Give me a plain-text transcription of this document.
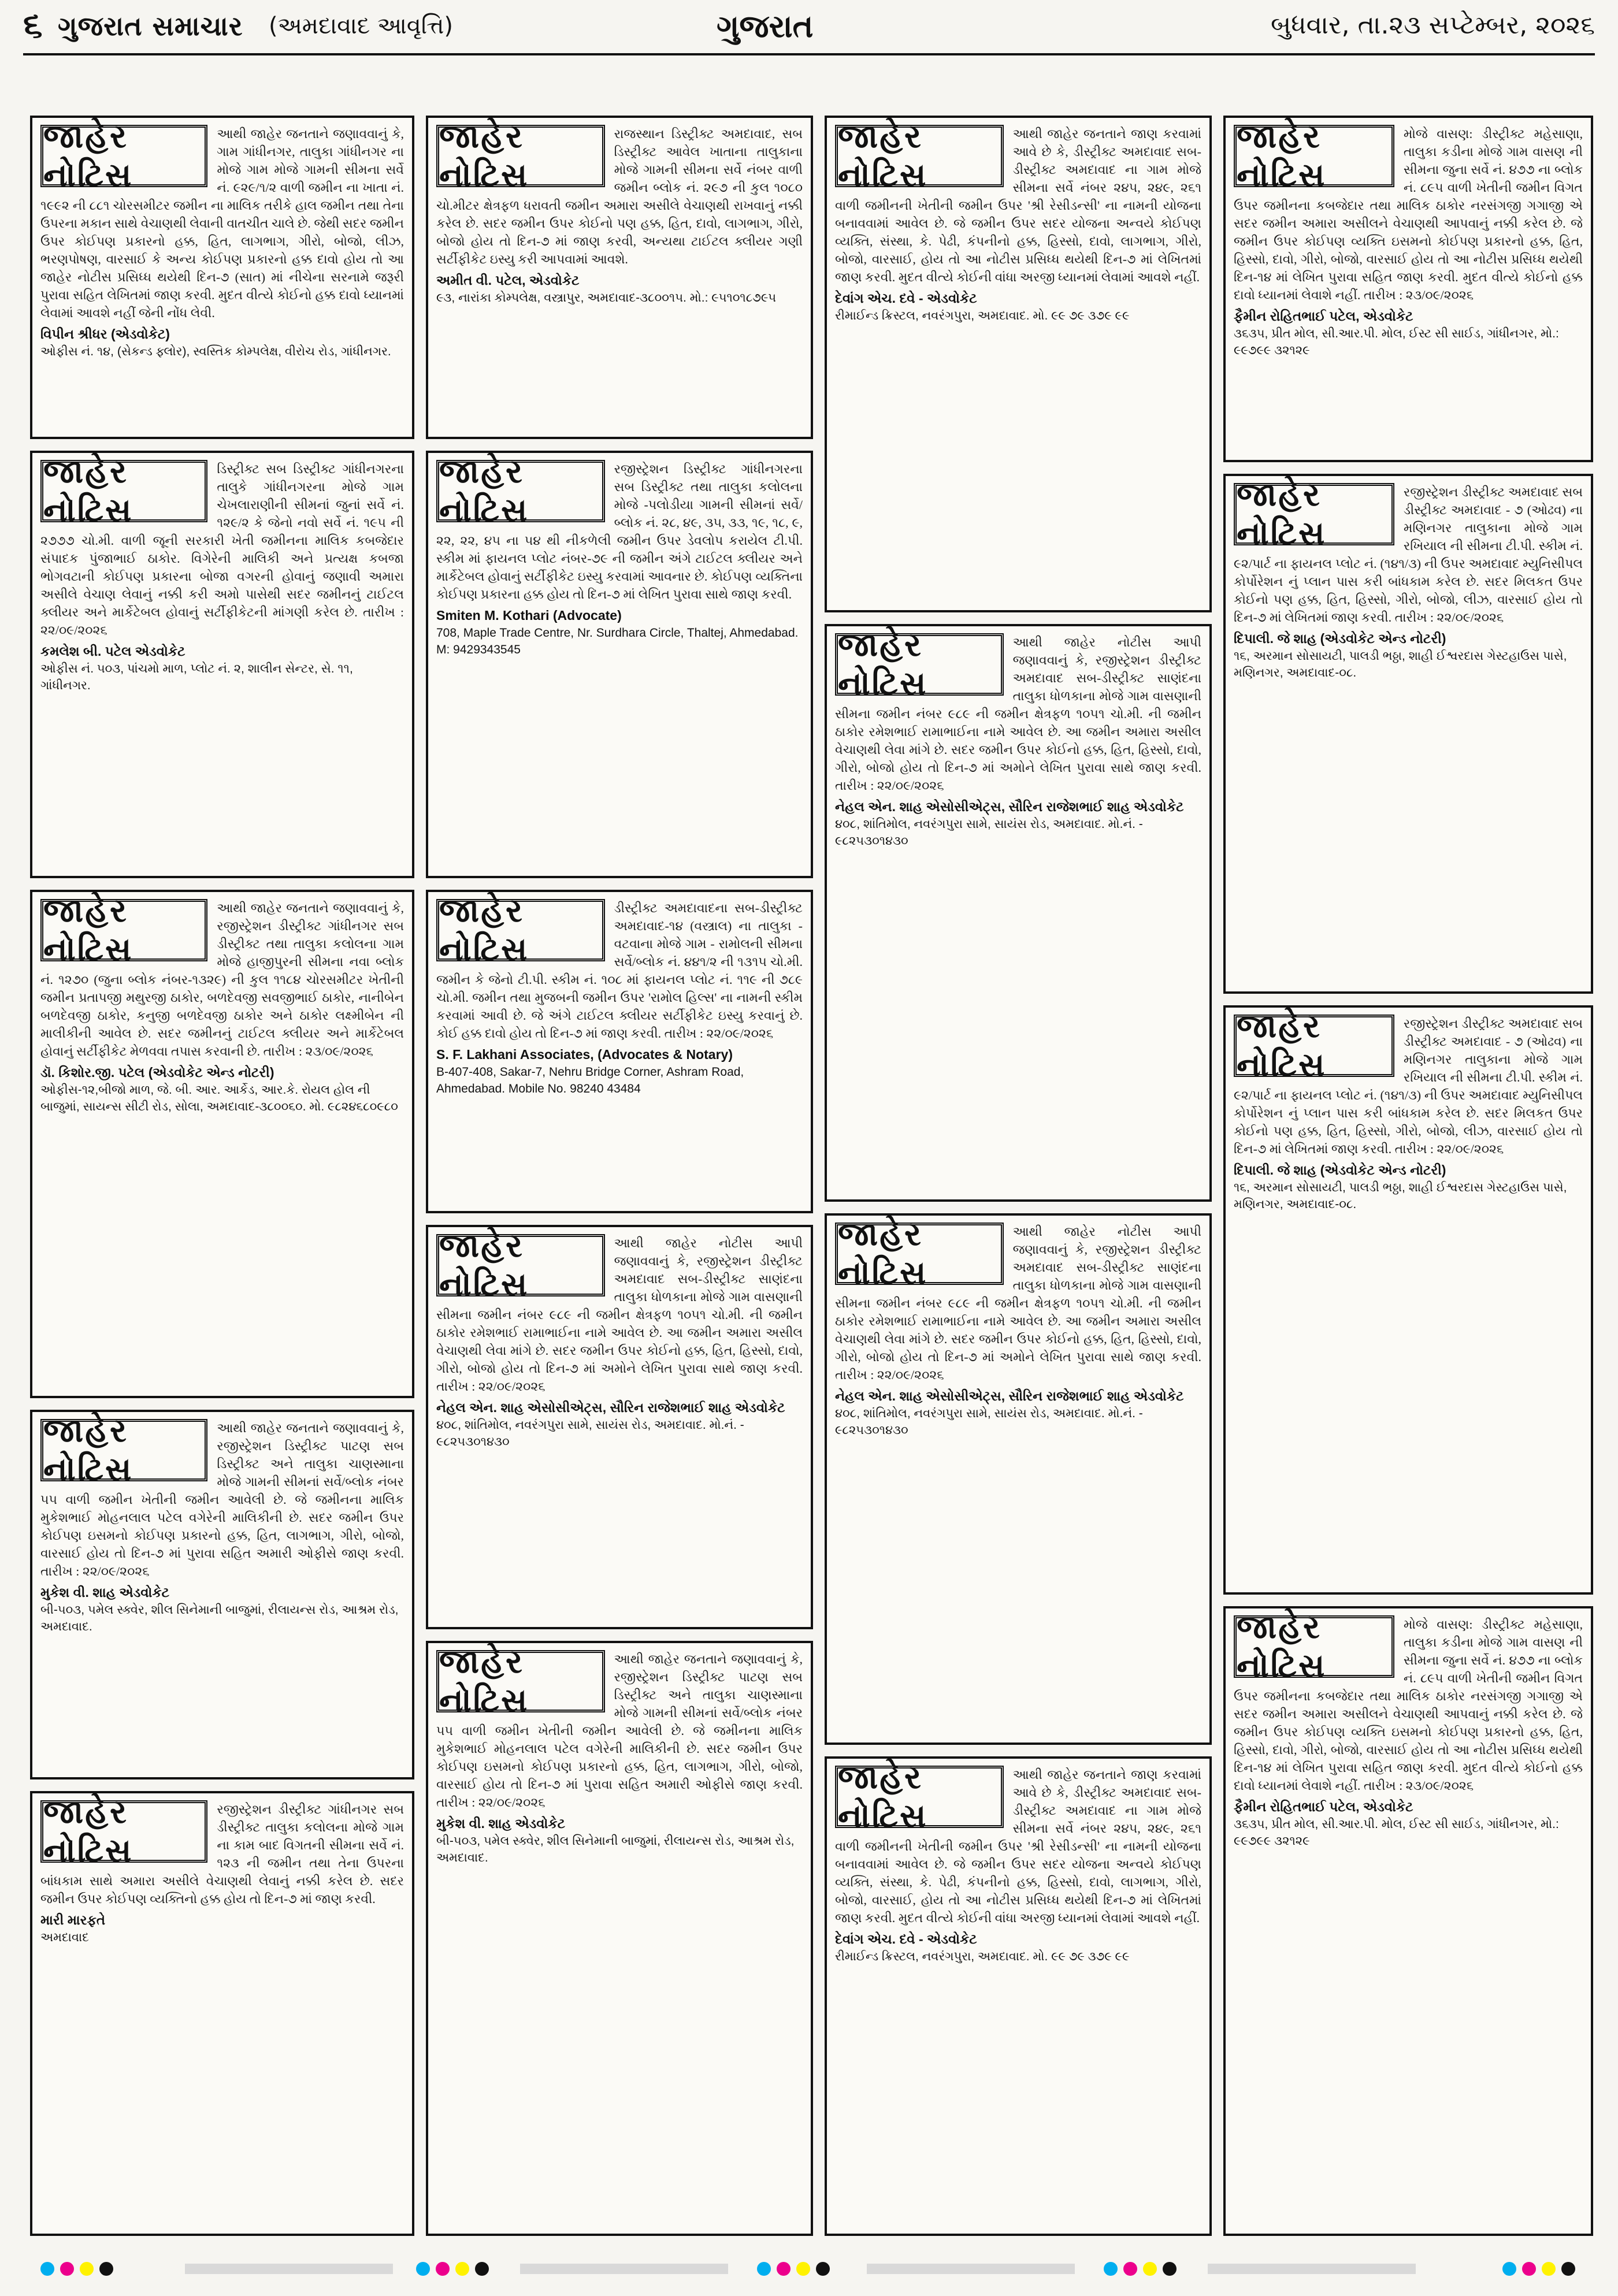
૬ ગુજરાત સમાચાર (અમદાવાદ આવૃત્તિ)	ગુજરાત	બુધવાર, તા.૨૩ સપ્ટેમ્બર, ૨૦૨૬
જાહેર નોટિસ
આથી જાહેર જનતાને જણાવવાનું કે, ગામ ગાંધીનગર, તાલુકા ગાંધીનગર ના મોજે ગામ મોજે ગામની સીમના સર્વે નં. ૯૨૯/૧/૨ વાળી જમીન ના ખાતા નં. ૧૯૯૨ ની ૮૮૧ ચોરસમીટર જમીન ના માલિક તરીકે હાલ જમીન તથા તેના ઉપરના મકાન સાથે વેચાણથી લેવાની વાતચીત ચાલે છે. જેથી સદર જમીન ઉપર કોઈપણ પ્રકારનો હક્ક, હિત, લાગભાગ, ગીરો, બોજો, લીઝ, ભરણપોષણ, વારસાઈ કે અન્ય કોઈપણ પ્રકારનો હક્ક દાવો હોય તો આ જાહેર નોટીસ પ્રસિધ્ધ થયેથી દિન-૭ (સાત) માં નીચેના સરનામે જરૂરી પુરાવા સહિત લેખિતમાં જાણ કરવી. મુદત વીત્યે કોઈનો હક્ક દાવો ધ્યાનમાં લેવામાં આવશે નહીં જેની નોંધ લેવી.
વિપીન શ્રીધર (એડવોકેટ)
ઓફીસ નં. ૧૪, (સેકન્ડ ફ્લોર), સ્વસ્તિક કોમ્પલેક્ષ, વીરોચ રોડ, ગાંધીનગર.
જાહેર નોટિસ
ડિસ્ટ્રીક્ટ સબ ડિસ્ટ્રીક્ટ ગાંધીનગરના તાલુકે ગાંધીનગરના મોજે ગામ ચેખલારાણીની સીમનાં જુનાં સર્વે નં. ૧૨૯/૨ કે જેનો નવો સર્વે નં. ૧૯૫ ની ૨૭૭૭ ચો.મી. વાળી જૂની સરકારી ખેતી જમીનના માલિક કબજેદાર સંપાદક પુંજાભાઈ ઠાકોર. વિગેરેની માલિકી અને પ્રત્યક્ષ કબજા ભોગવટાની કોઈપણ પ્રકારના બોજા વગરની હોવાનું જણાવી અમારા અસીલે વેચાણ લેવાનું નક્કી કરી અમો પાસેથી સદર જમીનનું ટાઈટલ ક્લીયર અને માર્કેટેબલ હોવાનું સર્ટીફીકેટની માંગણી કરેલ છે. તારીખ : ૨૨/૦૯/૨૦૨૬
કમલેશ બી. પટેલ એડવોકેટ
ઓફીસ નં. ૫૦૩, પાંચમો માળ, પ્લોટ નં. ૨, શાલીન સેન્ટર, સે. ૧૧, ગાંધીનગર.
જાહેર નોટિસ
આથી જાહેર જનતાને જણાવવાનું કે, રજીસ્ટ્રેશન ડીસ્ટ્રીક્ટ ગાંધીનગર સબ ડીસ્ટ્રીક્ટ તથા તાલુકા કલોલના ગામ મોજે હાજીપુરની સીમના નવા બ્લોક નં. ૧૨૭૦ (જુના બ્લોક નંબર-૧૩૨૯) ની કુલ ૧૧૮૪ ચોરસમીટર ખેતીની જમીન પ્રતાપજી મથુરજી ઠાકોર, બળદેવજી સવજીભાઈ ઠાકોર, નાનીબેન બળદેવજી ઠાકોર, કનુજી બળદેવજી ઠાકોર અને ઠાકોર લક્ષ્મીબેન ની માલીકીની આવેલ છે. સદર જમીનનું ટાઈટલ ક્લીયર અને માર્કેટેબલ હોવાનું સર્ટીફીકેટ મેળવવા તપાસ કરવાની છે. તારીખ : ૨૩/૦૯/૨૦૨૬
ડૉ. કિશોર.જી. પટેલ (એડવોકેટ એન્ડ નોટરી)
ઓફીસ-૧૨,બીજો માળ, જે. બી. આર. આર્કેડ, આર.કે. રોયલ હોલ ની બાજુમાં, સાયન્સ સીટી રોડ, સોલા, અમદાવાદ-૩૮૦૦૬૦. મો. ૯૮૨૪૬૮૦૯૮૦
જાહેર નોટિસ
આથી જાહેર જનતાને જણાવવાનું કે, રજીસ્ટ્રેશન ડિસ્ટ્રીક્ટ પાટણ સબ ડિસ્ટ્રીક્ટ અને તાલુકા ચાણસ્માના મોજે ગામની સીમનાં સર્વે/બ્લોક નંબર ૫૫ વાળી જમીન ખેતીની જમીન આવેલી છે. જે જમીનના માલિક મુકેશભાઈ મોહનલાલ પટેલ વગેરેની માલિકીની છે. સદર જમીન ઉપર કોઈપણ ઇસમનો કોઈપણ પ્રકારનો હક્ક, હિત, લાગભાગ, ગીરો, બોજો, વારસાઈ હોય તો દિન-૭ માં પુરાવા સહિત અમારી ઓફીસે જાણ કરવી. તારીખ : ૨૨/૦૯/૨૦૨૬
મુકેશ વી. શાહ એડવોકેટ
બી-૫૦૩, ૫મેલ સ્ક્વેર, શીલ સિનેમાની બાજુમાં, રીલાયન્સ રોડ, આશ્રમ રોડ, અમદાવાદ.
જાહેર નોટિસ
રજીસ્ટ્રેશન ડીસ્ટ્રીક્ટ ગાંધીનગર સબ ડીસ્ટ્રીક્ટ તાલુકા કલોલના મોજે ગામ ના કામ બાદ વિગતની સીમના સર્વે નં. ૧૨૩ ની જમીન તથા તેના ઉપરના બાંધકામ સાથે અમારા અસીલે વેચાણથી લેવાનું નક્કી કરેલ છે. સદર જમીન ઉપર કોઈપણ વ્યક્તિનો હક્ક હોય તો દિન-૭ માં જાણ કરવી.
મારી મારફતે
અમદાવાદ
જાહેર નોટિસ
રાજસ્થાન ડિસ્ટ્રીક્ટ અમદાવાદ, સબ ડિસ્ટ્રીક્ટ આવેલ ખાતાના તાલુકાના મોજે ગામની સીમના સર્વે નંબર વાળી જમીન બ્લોક નં. ૨૯૭ ની કુલ ૧૦૮૦ ચો.મીટર ક્ષેત્રફળ ધરાવતી જમીન અમારા અસીલે વેચાણથી રાખવાનું નક્કી કરેલ છે. સદર જમીન ઉપર કોઈનો પણ હક્ક, હિત, દાવો, લાગભાગ, ગીરો, બોજો હોય તો દિન-૭ માં જાણ કરવી, અન્યથા ટાઈટલ ક્લીયર ગણી સર્ટીફીકેટ ઇસ્યુ કરી આપવામાં આવશે.
અમીત વી. પટેલ, એડવોકેટ
૯૩, નારાંકા કોમ્પલેક્ષ, વસ્ત્રાપુર, અમદાવાદ-૩૮૦૦૧૫. મો.: ૯૫૧૦૧૮૭૯૫
જાહેર નોટિસ
રજીસ્ટ્રેશન ડિસ્ટ્રીક્ટ ગાંધીનગરના સબ ડિસ્ટ્રીક્ટ તથા તાલુકા કલોલના મોજે -પલોડીયા ગામની સીમનાં સર્વે/બ્લોક નં. ૨૮, ૪૯, ૩૫, ૩૩, ૧૯, ૧૮, ૯, ૨૨, ૨૨, ૪૫ ના ૫૪ થી નીકળેલી જમીન ઉપર ડેવલોપ કરાયેલ ટી.પી. સ્કીમ માં ફાયનલ પ્લોટ નંબર-૭૯ ની જમીન અંગે ટાઈટલ ક્લીયર અને માર્કેટેબલ હોવાનું સર્ટીફીકેટ ઇસ્યુ કરવામાં આવનાર છે. કોઈપણ વ્યક્તિના કોઈપણ પ્રકારના હક્ક હોય તો દિન-૭ માં લેખિત પુરાવા સાથે જાણ કરવી.
Smiten M. Kothari (Advocate)
708, Maple Trade Centre, Nr. Surdhara Circle, Thaltej, Ahmedabad. M: 9429343545
જાહેર નોટિસ
ડીસ્ટ્રીક્ટ અમદાવાદના સબ-ડીસ્ટ્રીક્ટ અમદાવાદ-૧૪ (વસ્ત્રાલ) ના તાલુકા - વટવાના મોજે ગામ - રામોલની સીમના સર્વે/બ્લોક નં. ૪૪૧/૨ ની ૧૩૧૫ ચો.મી. જમીન કે જેનો ટી.પી. સ્કીમ નં. ૧૦૮ માં ફાયનલ પ્લોટ નં. ૧૧૯ ની ૭૮૯ ચો.મી. જમીન તથા મુજબની જમીન ઉપર 'રામોલ હિલ્સ' ના નામની સ્કીમ કરવામાં આવી છે. જે અંગે ટાઈટલ ક્લીયર સર્ટીફીકેટ ઇસ્યુ કરવાનું છે. કોઈ હક્ક દાવો હોય તો દિન-૭ માં જાણ કરવી. તારીખ : ૨૨/૦૯/૨૦૨૬
S. F. Lakhani Associates, (Advocates & Notary)
B-407-408, Sakar-7, Nehru Bridge Corner, Ashram Road, Ahmedabad. Mobile No. 98240 43484
જાહેર નોટિસ
આથી જાહેર નોટીસ આપી જણાવવાનું કે, રજીસ્ટ્રેશન ડીસ્ટ્રીક્ટ અમદાવાદ સબ-ડીસ્ટ્રીક્ટ સાણંદના તાલુકા ધોળકાના મોજે ગામ વાસણાની સીમના જમીન નંબર ૯૮૯ ની જમીન ક્ષેત્રફળ ૧૦૫૧ ચો.મી. ની જમીન ઠાકોર રમેશભાઈ રામાભાઈના નામે આવેલ છે. આ જમીન અમારા અસીલ વેચાણથી લેવા માંગે છે. સદર જમીન ઉપર કોઈનો હક્ક, હિત, હિસ્સો, દાવો, ગીરો, બોજો હોય તો દિન-૭ માં અમોને લેખિત પુરાવા સાથે જાણ કરવી. તારીખ : ૨૨/૦૯/૨૦૨૬
નેહલ એન. શાહ એસોસીએટ્સ, સૌરિન રાજેશભાઈ શાહ એડવોકેટ
૪૦૮, શાંતિમોલ, નવરંગપુરા સામે, સાયંસ રોડ, અમદાવાદ. મો.નં. - ૯૮૨૫૩૦૧૪૩૦
જાહેર નોટિસ
આથી જાહેર જનતાને જણાવવાનું કે, રજીસ્ટ્રેશન ડિસ્ટ્રીક્ટ પાટણ સબ ડિસ્ટ્રીક્ટ અને તાલુકા ચાણસ્માના મોજે ગામની સીમનાં સર્વે/બ્લોક નંબર ૫૫ વાળી જમીન ખેતીની જમીન આવેલી છે. જે જમીનના માલિક મુકેશભાઈ મોહનલાલ પટેલ વગેરેની માલિકીની છે. સદર જમીન ઉપર કોઈપણ ઇસમનો કોઈપણ પ્રકારનો હક્ક, હિત, લાગભાગ, ગીરો, બોજો, વારસાઈ હોય તો દિન-૭ માં પુરાવા સહિત અમારી ઓફીસે જાણ કરવી. તારીખ : ૨૨/૦૯/૨૦૨૬
મુકેશ વી. શાહ એડવોકેટ
બી-૫૦૩, ૫મેલ સ્ક્વેર, શીલ સિનેમાની બાજુમાં, રીલાયન્સ રોડ, આશ્રમ રોડ, અમદાવાદ.
જાહેર નોટિસ
આથી જાહેર જનતાને જાણ કરવામાં આવે છે કે, ડીસ્ટ્રીક્ટ અમદાવાદ સબ-ડીસ્ટ્રીક્ટ અમદાવાદ ના ગામ મોજે સીમના સર્વે નંબર ૨૪૫, ૨૪૯, ૨૬૧ વાળી જમીનની ખેતીની જમીન ઉપર 'શ્રી રેસીડન્સી' ના નામની યોજના બનાવવામાં આવેલ છે. જે જમીન ઉપર સદર યોજના અન્વયે કોઈપણ વ્યક્તિ, સંસ્થા, કે. પેઢી, કંપનીનો હક્ક, હિસ્સો, દાવો, લાગભાગ, ગીરો, બોજો, વારસાઈ, હોય તો આ નોટીસ પ્રસિધ્ધ થયેથી દિન-૭ માં લેખિતમાં જાણ કરવી. મુદત વીત્યે કોઈની વાંધા અરજી ધ્યાનમાં લેવામાં આવશે નહીં.
દેવાંગ એચ. દવે - એડવોકેટ
રીમાઈન્ડ ક્રિસ્ટલ, નવરંગપુરા, અમદાવાદ. મો. ૯૯ ૭૯ ૩૭૯ ૯૯
જાહેર નોટિસ
આથી જાહેર નોટીસ આપી જણાવવાનું કે, રજીસ્ટ્રેશન ડીસ્ટ્રીક્ટ અમદાવાદ સબ-ડીસ્ટ્રીક્ટ સાણંદના તાલુકા ધોળકાના મોજે ગામ વાસણાની સીમના જમીન નંબર ૯૮૯ ની જમીન ક્ષેત્રફળ ૧૦૫૧ ચો.મી. ની જમીન ઠાકોર રમેશભાઈ રામાભાઈના નામે આવેલ છે. આ જમીન અમારા અસીલ વેચાણથી લેવા માંગે છે. સદર જમીન ઉપર કોઈનો હક્ક, હિત, હિસ્સો, દાવો, ગીરો, બોજો હોય તો દિન-૭ માં અમોને લેખિત પુરાવા સાથે જાણ કરવી. તારીખ : ૨૨/૦૯/૨૦૨૬
નેહલ એન. શાહ એસોસીએટ્સ, સૌરિન રાજેશભાઈ શાહ એડવોકેટ
૪૦૮, શાંતિમોલ, નવરંગપુરા સામે, સાયંસ રોડ, અમદાવાદ. મો.નં. - ૯૮૨૫૩૦૧૪૩૦
જાહેર નોટિસ
આથી જાહેર નોટીસ આપી જણાવવાનું કે, રજીસ્ટ્રેશન ડીસ્ટ્રીક્ટ અમદાવાદ સબ-ડીસ્ટ્રીક્ટ સાણંદના તાલુકા ધોળકાના મોજે ગામ વાસણાની સીમના જમીન નંબર ૯૮૯ ની જમીન ક્ષેત્રફળ ૧૦૫૧ ચો.મી. ની જમીન ઠાકોર રમેશભાઈ રામાભાઈના નામે આવેલ છે. આ જમીન અમારા અસીલ વેચાણથી લેવા માંગે છે. સદર જમીન ઉપર કોઈનો હક્ક, હિત, હિસ્સો, દાવો, ગીરો, બોજો હોય તો દિન-૭ માં અમોને લેખિત પુરાવા સાથે જાણ કરવી. તારીખ : ૨૨/૦૯/૨૦૨૬
નેહલ એન. શાહ એસોસીએટ્સ, સૌરિન રાજેશભાઈ શાહ એડવોકેટ
૪૦૮, શાંતિમોલ, નવરંગપુરા સામે, સાયંસ રોડ, અમદાવાદ. મો.નં. - ૯૮૨૫૩૦૧૪૩૦
જાહેર નોટિસ
આથી જાહેર જનતાને જાણ કરવામાં આવે છે કે, ડીસ્ટ્રીક્ટ અમદાવાદ સબ-ડીસ્ટ્રીક્ટ અમદાવાદ ના ગામ મોજે સીમના સર્વે નંબર ૨૪૫, ૨૪૯, ૨૬૧ વાળી જમીનની ખેતીની જમીન ઉપર 'શ્રી રેસીડન્સી' ના નામની યોજના બનાવવામાં આવેલ છે. જે જમીન ઉપર સદર યોજના અન્વયે કોઈપણ વ્યક્તિ, સંસ્થા, કે. પેઢી, કંપનીનો હક્ક, હિસ્સો, દાવો, લાગભાગ, ગીરો, બોજો, વારસાઈ, હોય તો આ નોટીસ પ્રસિધ્ધ થયેથી દિન-૭ માં લેખિતમાં જાણ કરવી. મુદત વીત્યે કોઈની વાંધા અરજી ધ્યાનમાં લેવામાં આવશે નહીં.
દેવાંગ એચ. દવે - એડવોકેટ
રીમાઈન્ડ ક્રિસ્ટલ, નવરંગપુરા, અમદાવાદ. મો. ૯૯ ૭૯ ૩૭૯ ૯૯
જાહેર નોટિસ
મોજે વાસણ: ડીસ્ટ્રીક્ટ મહેસાણા, તાલુકા કડીના મોજે ગામ વાસણ ની સીમના જુના સર્વે નં. ૪૭૭ ના બ્લોક નં. ૮૯૫ વાળી ખેતીની જમીન વિગત ઉપર જમીનના કબજેદાર તથા માલિક ઠાકોર નરસંગજી ગગાજી એ સદર જમીન અમારા અસીલને વેચાણથી આપવાનું નક્કી કરેલ છે. જે જમીન ઉપર કોઈપણ વ્યક્તિ ઇસમનો કોઈપણ પ્રકારનો હક્ક, હિત, હિસ્સો, દાવો, ગીરો, બોજો, વારસાઈ હોય તો આ નોટીસ પ્રસિધ્ધ થયેથી દિન-૧૪ માં લેખિત પુરાવા સહિત જાણ કરવી. મુદત વીત્યે કોઈનો હક્ક દાવો ધ્યાનમાં લેવાશે નહીં. તારીખ : ૨૩/૦૯/૨૦૨૬
ફૈમીન રોહિતભાઈ પટેલ, એડવોકેટ
૩૬૩૫, પ્રીત મોલ, સી.આર.પી. મોલ, ઈસ્ટ સી સાઈડ, ગાંધીનગર, મો.: ૯૯૭૯૯ ૩૨૧૨૯
જાહેર નોટિસ
રજીસ્ટ્રેશન ડીસ્ટ્રીક્ટ અમદાવાદ સબ ડીસ્ટ્રીક્ટ અમદાવાદ - ૭ (ઓઢવ) ના મણિનગર તાલુકાના મોજે ગામ રખિયાલ ની સીમના ટી.પી. સ્કીમ નં. ૯૨/પાર્ટ ના ફાયનલ પ્લોટ નં. (૧૪૧/૩) ની ઉપર અમદાવાદ મ્યુનિસીપલ કોર્પોરેશન નું પ્લાન પાસ કરી બાંધકામ કરેલ છે. સદર મિલકત ઉપર કોઈનો પણ હક્ક, હિત, હિસ્સો, ગીરો, બોજો, લીઝ, વારસાઈ હોય તો દિન-૭ માં લેખિતમાં જાણ કરવી. તારીખ : ૨૨/૦૯/૨૦૨૬
દિપાલી. જે શાહ (એડવોકેટ એન્ડ નોટરી)
૧૬, અરમાન સોસાયટી, પાલડી ભઠ્ઠા, શાહી ઈશ્વરદાસ ગેસ્ટહાઉસ પાસે, મણિનગર, અમદાવાદ-૦૮.
જાહેર નોટિસ
રજીસ્ટ્રેશન ડીસ્ટ્રીક્ટ અમદાવાદ સબ ડીસ્ટ્રીક્ટ અમદાવાદ - ૭ (ઓઢવ) ના મણિનગર તાલુકાના મોજે ગામ રખિયાલ ની સીમના ટી.પી. સ્કીમ નં. ૯૨/પાર્ટ ના ફાયનલ પ્લોટ નં. (૧૪૧/૩) ની ઉપર અમદાવાદ મ્યુનિસીપલ કોર્પોરેશન નું પ્લાન પાસ કરી બાંધકામ કરેલ છે. સદર મિલકત ઉપર કોઈનો પણ હક્ક, હિત, હિસ્સો, ગીરો, બોજો, લીઝ, વારસાઈ હોય તો દિન-૭ માં લેખિતમાં જાણ કરવી. તારીખ : ૨૨/૦૯/૨૦૨૬
દિપાલી. જે શાહ (એડવોકેટ એન્ડ નોટરી)
૧૬, અરમાન સોસાયટી, પાલડી ભઠ્ઠા, શાહી ઈશ્વરદાસ ગેસ્ટહાઉસ પાસે, મણિનગર, અમદાવાદ-૦૮.
જાહેર નોટિસ
મોજે વાસણ: ડીસ્ટ્રીક્ટ મહેસાણા, તાલુકા કડીના મોજે ગામ વાસણ ની સીમના જુના સર્વે નં. ૪૭૭ ના બ્લોક નં. ૮૯૫ વાળી ખેતીની જમીન વિગત ઉપર જમીનના કબજેદાર તથા માલિક ઠાકોર નરસંગજી ગગાજી એ સદર જમીન અમારા અસીલને વેચાણથી આપવાનું નક્કી કરેલ છે. જે જમીન ઉપર કોઈપણ વ્યક્તિ ઇસમનો કોઈપણ પ્રકારનો હક્ક, હિત, હિસ્સો, દાવો, ગીરો, બોજો, વારસાઈ હોય તો આ નોટીસ પ્રસિધ્ધ થયેથી દિન-૧૪ માં લેખિત પુરાવા સહિત જાણ કરવી. મુદત વીત્યે કોઈનો હક્ક દાવો ધ્યાનમાં લેવાશે નહીં. તારીખ : ૨૩/૦૯/૨૦૨૬
ફૈમીન રોહિતભાઈ પટેલ, એડવોકેટ
૩૬૩૫, પ્રીત મોલ, સી.આર.પી. મોલ, ઈસ્ટ સી સાઈડ, ગાંધીનગર, મો.: ૯૯૭૯૯ ૩૨૧૨૯
